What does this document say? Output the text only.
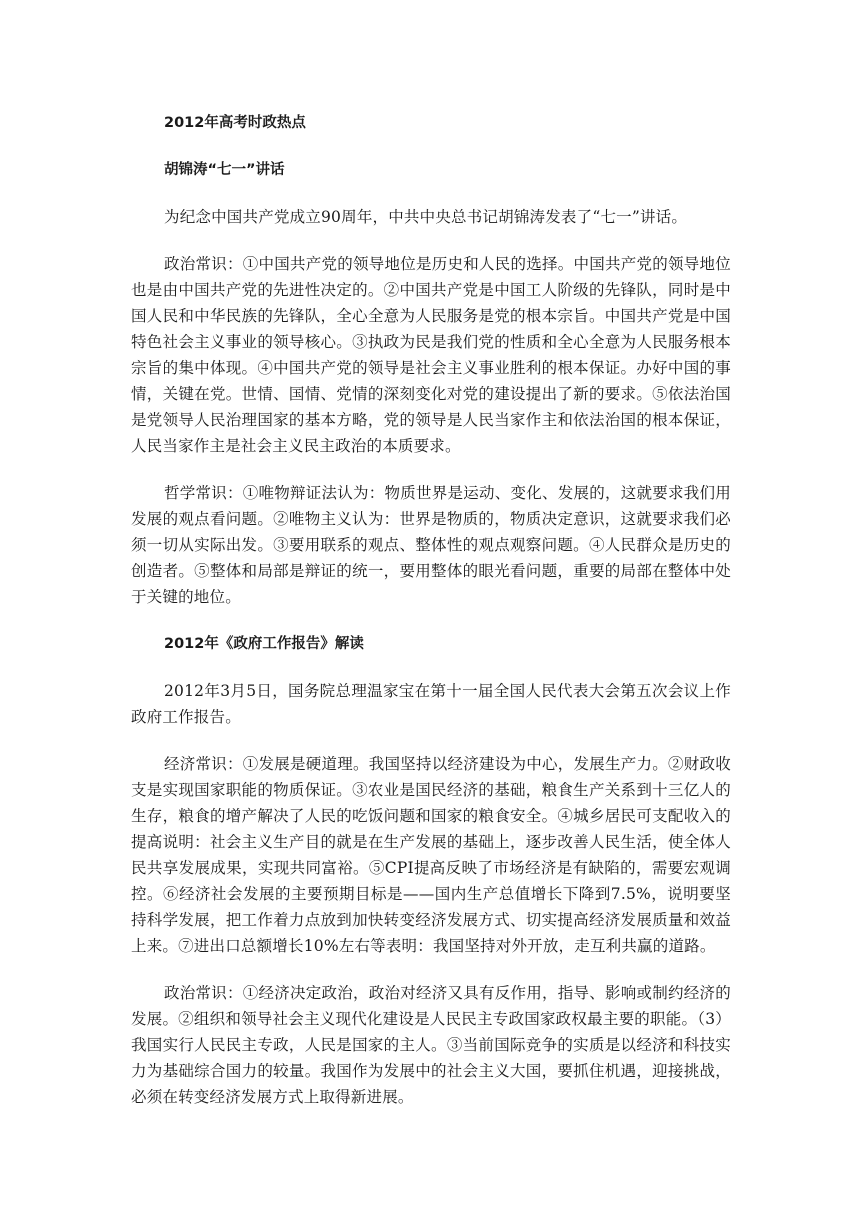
2012年高考时政热点
胡锦涛“七一”讲话

为纪念中国共产党成立90周年，中共中央总书记胡锦涛发表了“七一”讲话。

政治常识：①中国共产党的领导地位是历史和人民的选择。中国共产党的领导地位也是由中国共产党的先进性决定的。②中国共产党是中国工人阶级的先锋队，同时是中国人民和中华民族的先锋队，全心全意为人民服务是党的根本宗旨。中国共产党是中国特色社会主义事业的领导核心。③执政为民是我们党的性质和全心全意为人民服务根本宗旨的集中体现。④中国共产党的领导是社会主义事业胜利的根本保证。办好中国的事情，关键在党。世情、国情、党情的深刻变化对党的建设提出了新的要求。⑤依法治国是党领导人民治理国家的基本方略，党的领导是人民当家作主和依法治国的根本保证，人民当家作主是社会主义民主政治的本质要求。

哲学常识：①唯物辩证法认为：物质世界是运动、变化、发展的，这就要求我们用发展的观点看问题。②唯物主义认为：世界是物质的，物质决定意识，这就要求我们必须一切从实际出发。③要用联系的观点、整体性的观点观察问题。④人民群众是历史的创造者。⑤整体和局部是辩证的统一，要用整体的眼光看问题，重要的局部在整体中处于关键的地位。

2012年《政府工作报告》解读

2012年3月5日，国务院总理温家宝在第十一届全国人民代表大会第五次会议上作政府工作报告。

经济常识：①发展是硬道理。我国坚持以经济建设为中心，发展生产力。②财政收支是实现国家职能的物质保证。③农业是国民经济的基础，粮食生产关系到十三亿人的生存，粮食的增产解决了人民的吃饭问题和国家的粮食安全。④城乡居民可支配收入的提高说明：社会主义生产目的就是在生产发展的基础上，逐步改善人民生活，使全体人民共享发展成果，实现共同富裕。⑤CPI提高反映了市场经济是有缺陷的，需要宏观调控。⑥经济社会发展的主要预期目标是——国内生产总值增长下降到7.5%，说明要坚持科学发展，把工作着力点放到加快转变经济发展方式、切实提高经济发展质量和效益上来。⑦进出口总额增长10%左右等表明：我国坚持对外开放，走互利共赢的道路。

政治常识：①经济决定政治，政治对经济又具有反作用，指导、影响或制约经济的发展。②组织和领导社会主义现代化建设是人民民主专政国家政权最主要的职能。（3）我国实行人民民主专政，人民是国家的主人。③当前国际竞争的实质是以经济和科技实力为基础综合国力的较量。我国作为发展中的社会主义大国，要抓住机遇，迎接挑战，必须在转变经济发展方式上取得新进展。
